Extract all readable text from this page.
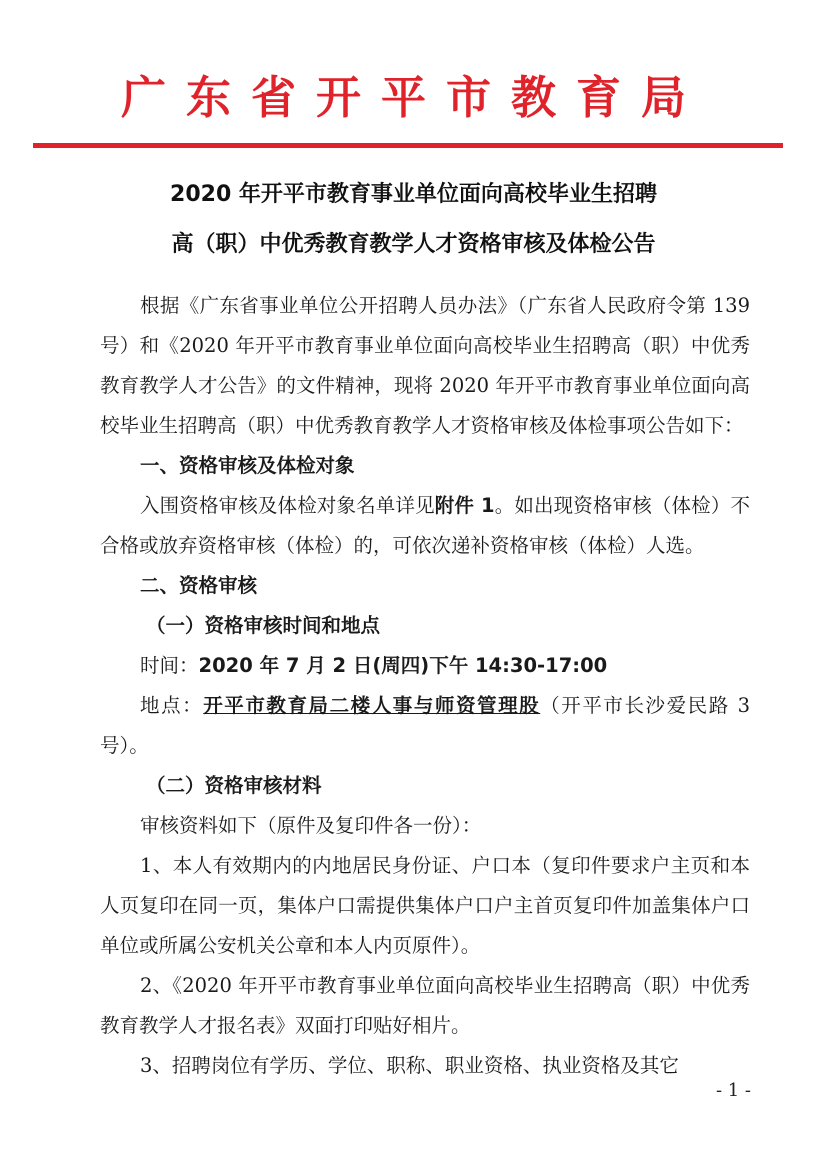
广东省开平市教育局
2020 年开平市教育事业单位面向高校毕业生招聘
高（职）中优秀教育教学人才资格审核及体检公告

根据《广东省事业单位公开招聘人员办法》（广东省人民政府令第 139 号）和《2020 年开平市教育事业单位面向高校毕业生招聘高（职）中优秀教育教学人才公告》的文件精神，现将 2020 年开平市教育事业单位面向高校毕业生招聘高（职）中优秀教育教学人才资格审核及体检事项公告如下：

一、资格审核及体检对象

入围资格审核及体检对象名单详见附件 1。如出现资格审核（体检）不合格或放弃资格审核（体检）的，可依次递补资格审核（体检）人选。

二、资格审核

（一）资格审核时间和地点

时间：2020 年 7 月 2 日(周四)下午 14:30-17:00

地点：开平市教育局二楼人事与师资管理股（开平市长沙爱民路 3 号）。

（二）资格审核材料

审核资料如下（原件及复印件各一份）：

1、本人有效期内的内地居民身份证、户口本（复印件要求户主页和本人页复印在同一页，集体户口需提供集体户口户主首页复印件加盖集体户口单位或所属公安机关公章和本人内页原件）。

2、《2020 年开平市教育事业单位面向高校毕业生招聘高（职）中优秀教育教学人才报名表》双面打印贴好相片。

3、招聘岗位有学历、学位、职称、职业资格、执业资格及其它

- 1 -
